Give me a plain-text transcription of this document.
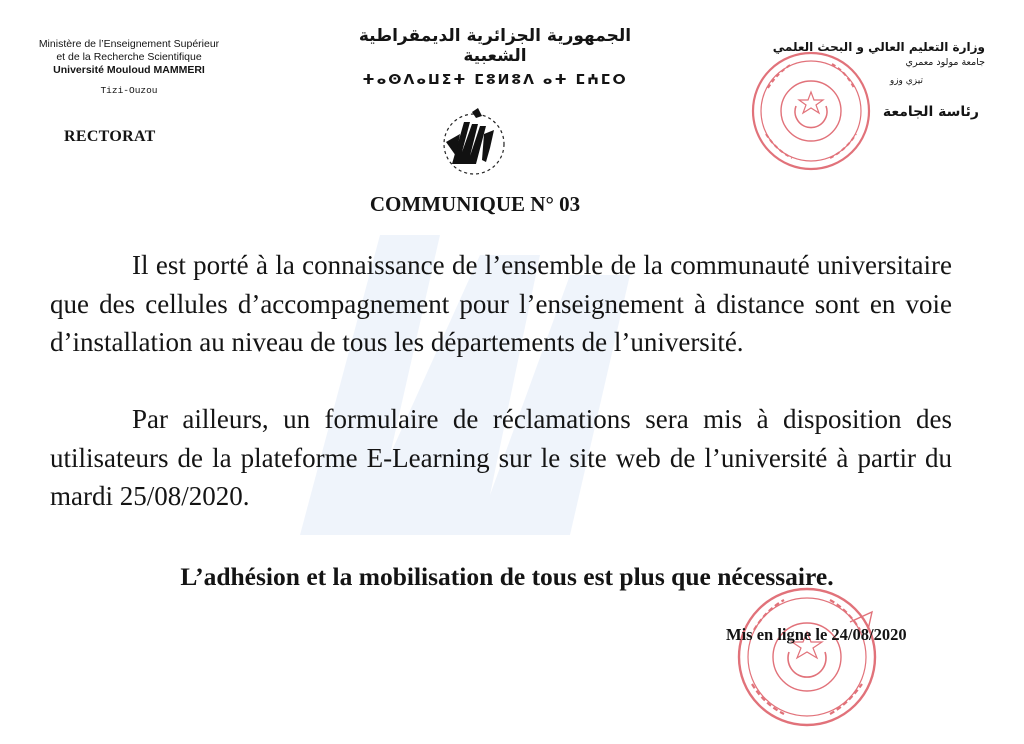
Ministère de l’Enseignement Supérieur
et de la Recherche Scientifique
Université Mouloud MAMMERI
Tizi-Ouzou
RECTORAT
الجمهورية الجزائرية الديمقراطية الشعبية
ⵜⴰⵙⴷⴰⵡⵉⵜ ⵎⵓⵍⵓⴷ ⴰⵜ ⵎⵄⵎⵔ
وزارة التعليم العالي و البحث العلمي
جامعة مولود معمري
تيزي وزو
رئاسة الجامعة
COMMUNIQUE N° 03

Il est porté à la connaissance de l’ensemble de la communauté universitaire que des cellules d’accompagnement pour l’enseignement à distance sont en voie d’installation au niveau de tous les départements de l’université.

Par ailleurs, un formulaire de réclamations sera mis à disposition des utilisateurs de la plateforme E-Learning sur le site web de l’université à partir du mardi 25/08/2020.

L’adhésion et la mobilisation de tous est plus que nécessaire.
Mis en ligne le 24/08/2020
